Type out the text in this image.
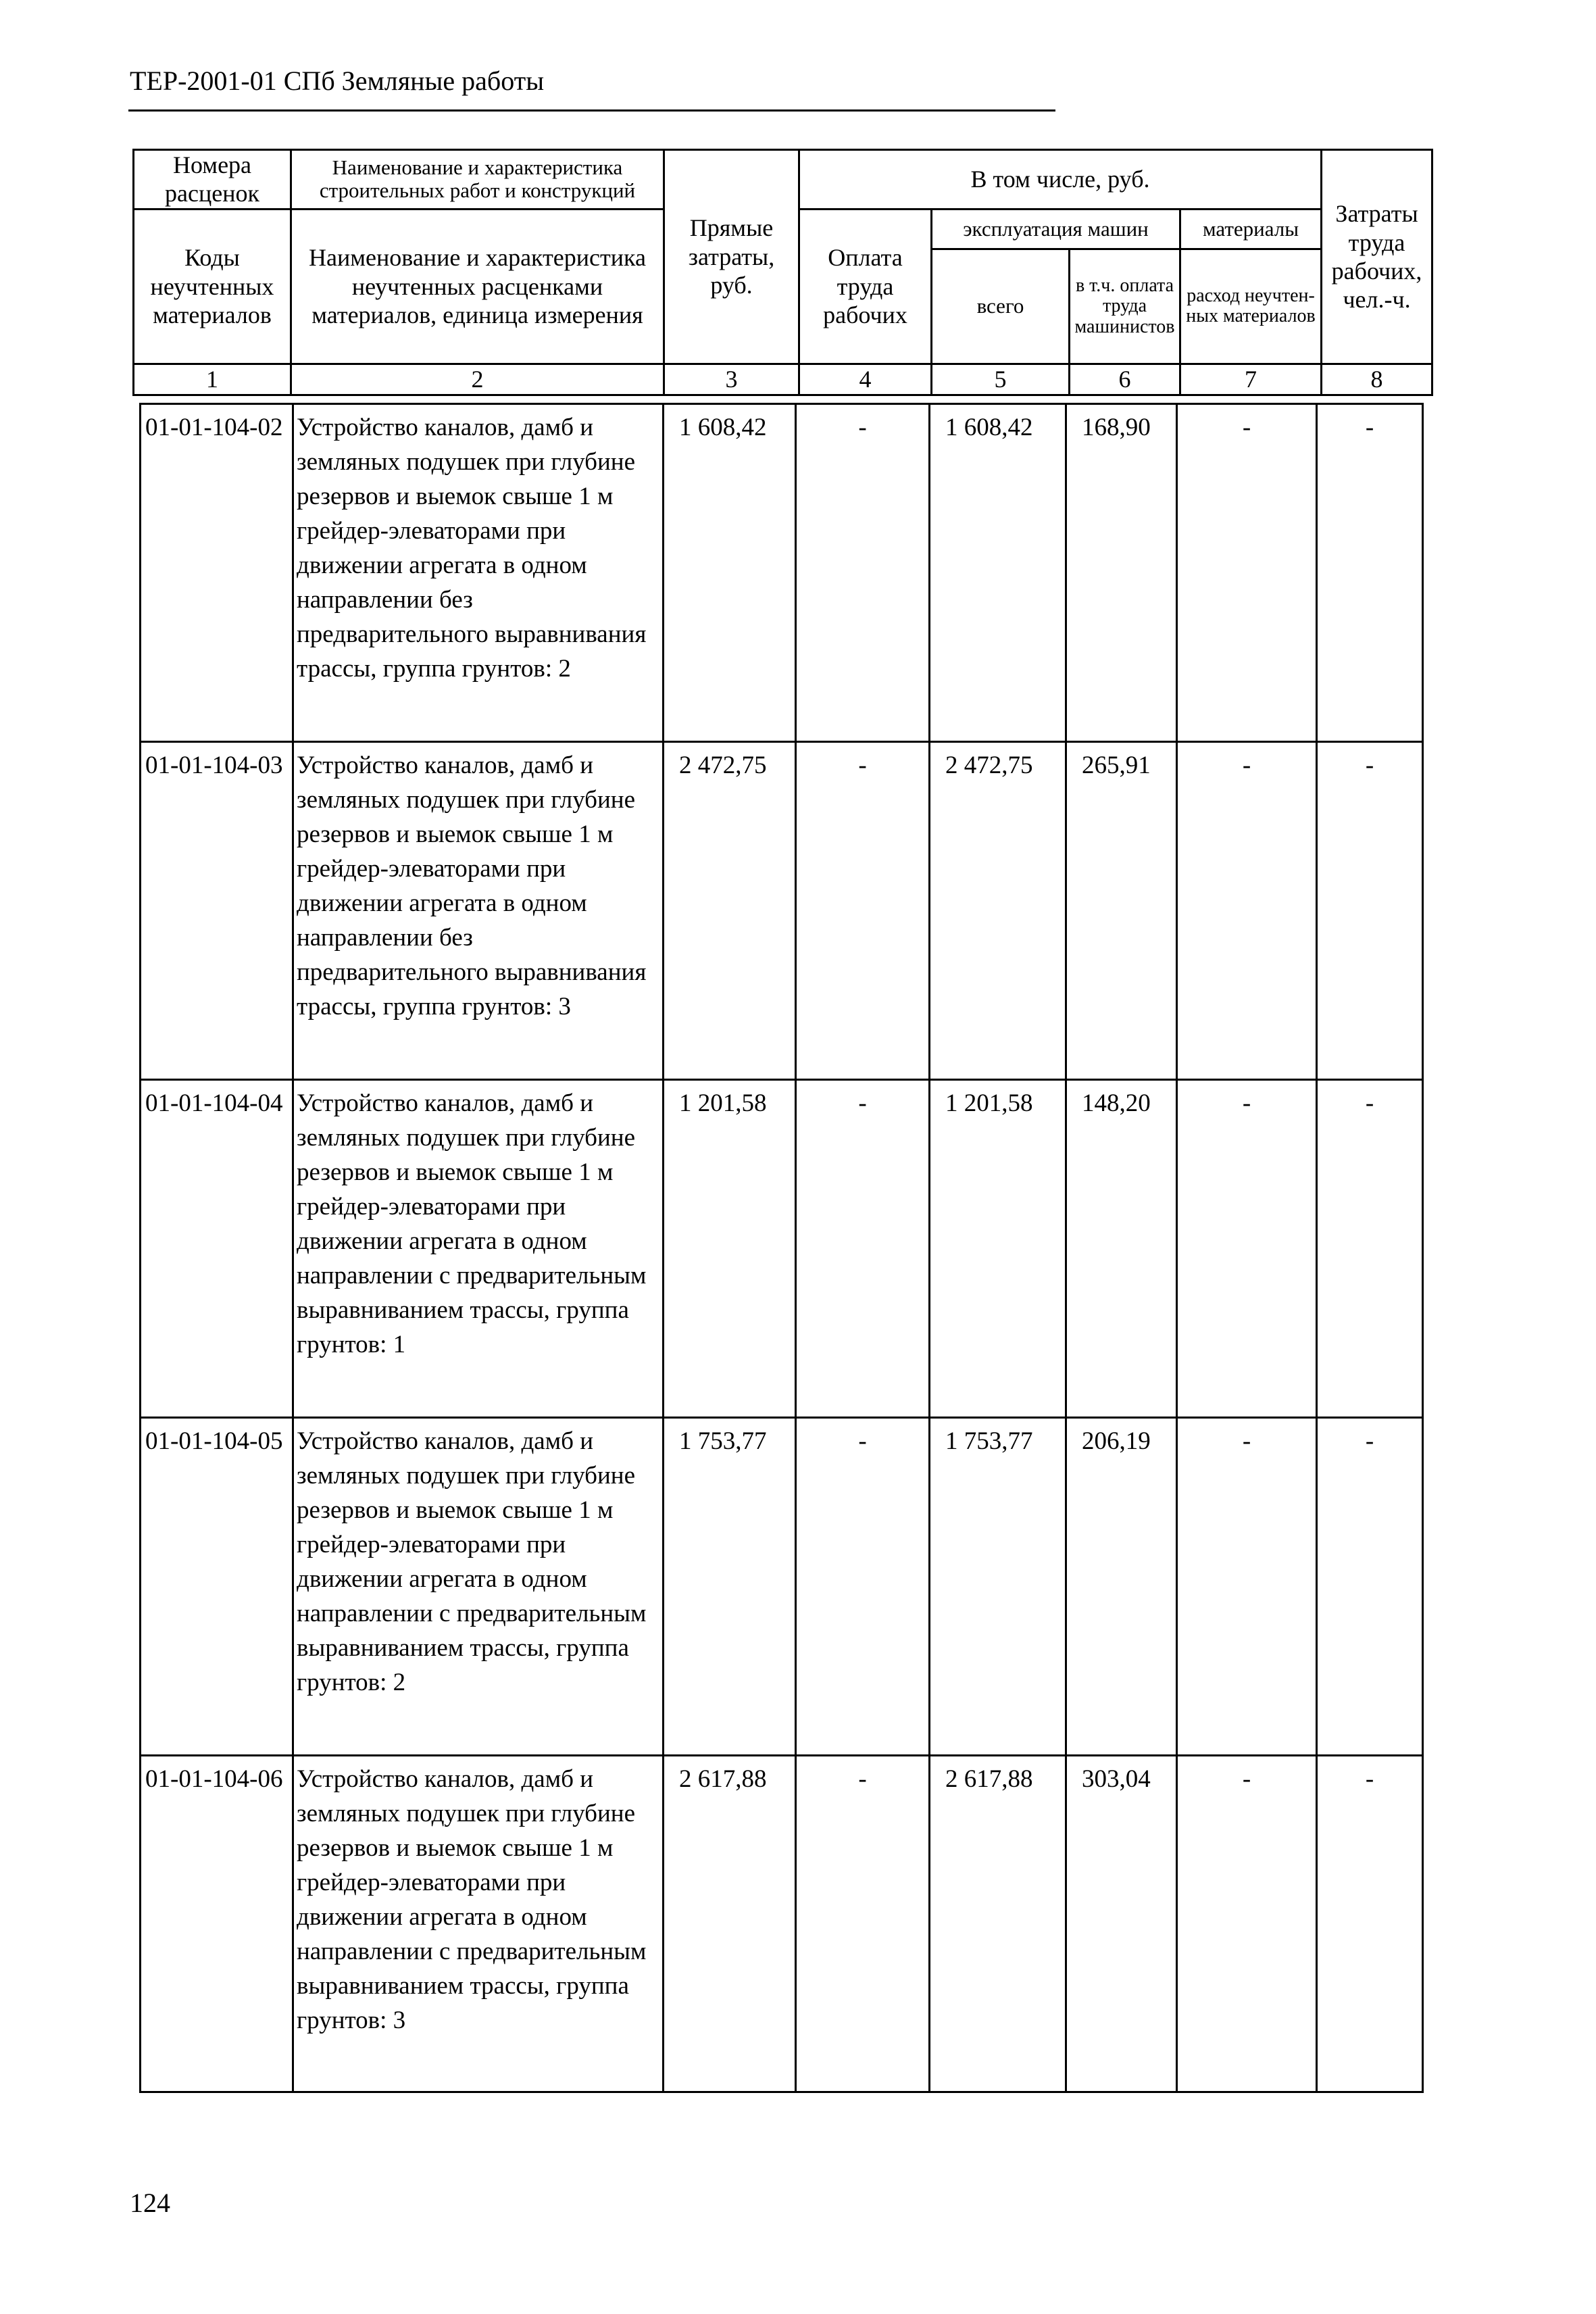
ТЕР-2001-01 СПб Земляные работы
Номера расценок	Наименование и характеристика строительных работ и конструкций	Прямые затраты, руб.	В том числе, руб.				Затраты труда рабочих, чел.-ч.
Коды неучтенных материалов	Наименование и характеристика неучтенных расценками материалов, единица измерения		Оплата труда рабочих	эксплуатация машин		материалы	
				всего	в т.ч. оплата труда машинистов	расход неучтен-ных материалов	
1	2	3	4	5	6	7	8
01-01-104-02	Устройство каналов, дамб и земляных подушек при глубине резервов и выемок свыше 1 м грейдер-элеваторами при движении агрегата в одном направлении без предварительного выравнивания трассы, группа грунтов: 2	1 608,42	-	1 608,42	168,90	-	-
01-01-104-03	Устройство каналов, дамб и земляных подушек при глубине резервов и выемок свыше 1 м грейдер-элеваторами при движении агрегата в одном направлении без предварительного выравнивания трассы, группа грунтов: 3	2 472,75	-	2 472,75	265,91	-	-
01-01-104-04	Устройство каналов, дамб и земляных подушек при глубине резервов и выемок свыше 1 м грейдер-элеваторами при движении агрегата в одном направлении с предварительным выравниванием трассы, группа грунтов: 1	1 201,58	-	1 201,58	148,20	-	-
01-01-104-05	Устройство каналов, дамб и земляных подушек при глубине резервов и выемок свыше 1 м грейдер-элеваторами при движении агрегата в одном направлении с предварительным выравниванием трассы, группа грунтов: 2	1 753,77	-	1 753,77	206,19	-	-
01-01-104-06	Устройство каналов, дамб и земляных подушек при глубине резервов и выемок свыше 1 м грейдер-элеваторами при движении агрегата в одном направлении с предварительным выравниванием трассы, группа грунтов: 3	2 617,88	-	2 617,88	303,04	-	-
124
